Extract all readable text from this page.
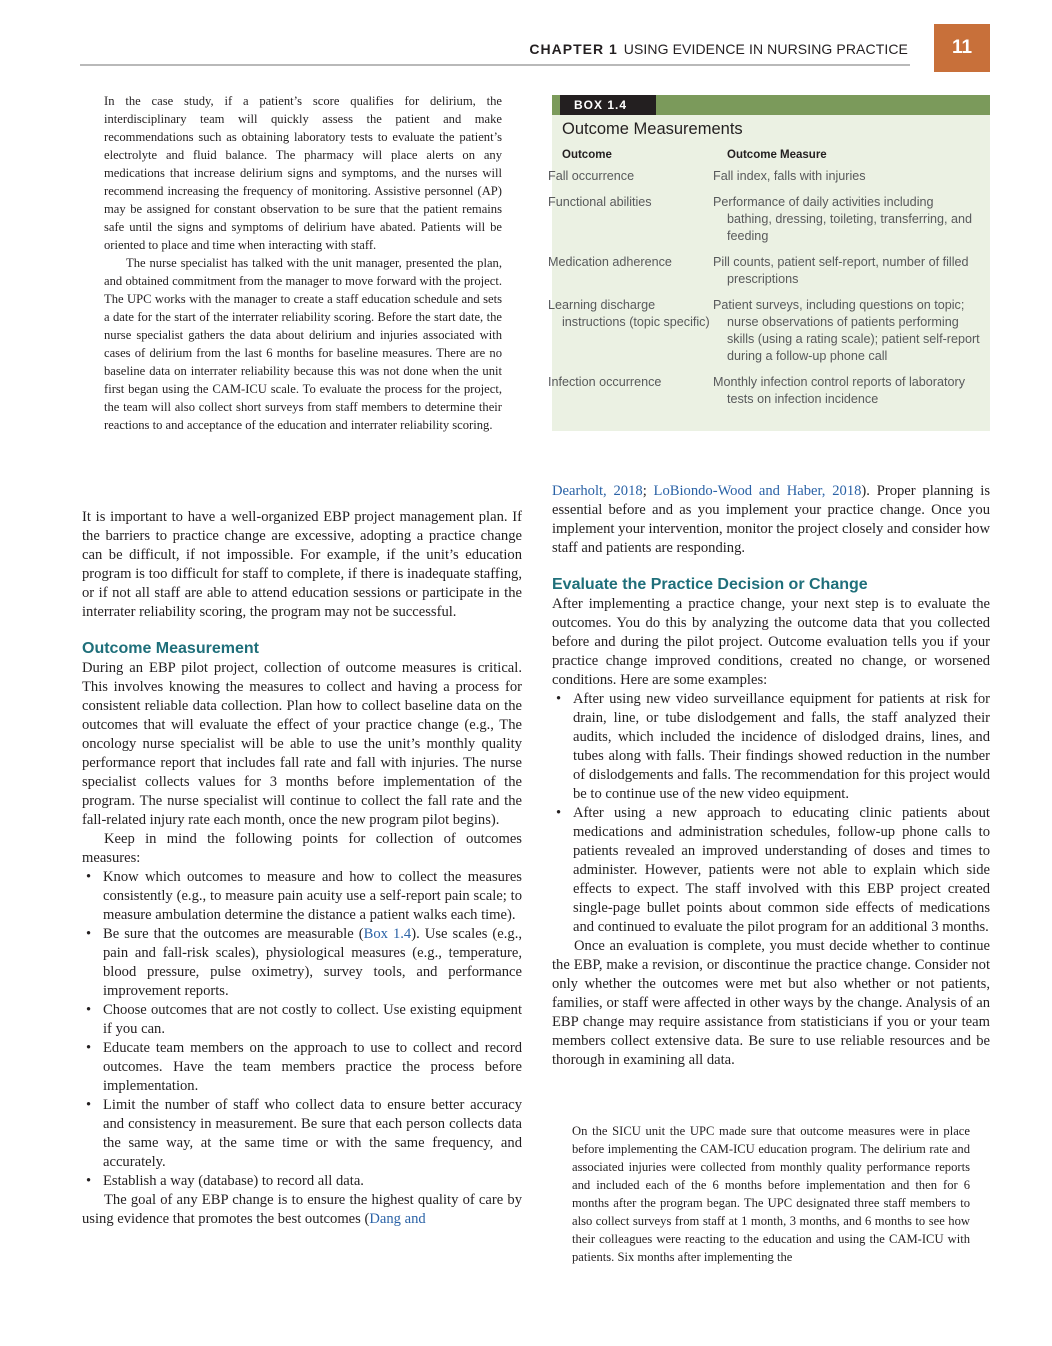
CHAPTER 1 USING EVIDENCE IN NURSING PRACTICE	11

In the case study, if a patient’s score qualifies for delirium, the interdisciplinary team will quickly assess the patient and make recommendations such as obtaining laboratory tests to evaluate the patient’s electrolyte and fluid balance. The pharmacy will place alerts on any medications that increase delirium signs and symptoms, and the nurses will recommend increasing the frequency of monitoring. Assistive personnel (AP) may be assigned for constant observation to be sure that the patient remains safe until the signs and symptoms of delirium have abated. Patients will be oriented to place and time when interacting with staff.

The nurse specialist has talked with the unit manager, presented the plan, and obtained commitment from the manager to move forward with the project. The UPC works with the manager to create a staff education schedule and sets a date for the start of the interrater reliability scoring. Before the start date, the nurse specialist gathers the data about delirium and injuries associated with cases of delirium from the last 6 months for baseline measures. There are no baseline data on interrater reliability because this was not done when the unit first began using the CAM-ICU scale. To evaluate the process for the project, the team will also collect short surveys from staff members to determine their reactions to and acceptance of the education and interrater reliability scoring.

It is important to have a well-organized EBP project management plan. If the barriers to practice change are excessive, adopting a practice change can be difficult, if not impossible. For example, if the unit’s education program is too difficult for staff to complete, if there is inadequate staffing, or if not all staff are able to attend education sessions or participate in the interrater reliability scoring, the program may not be successful.

Outcome Measurement

During an EBP pilot project, collection of outcome measures is critical. This involves knowing the measures to collect and having a process for consistent reliable data collection. Plan how to collect baseline data on the outcomes that will evaluate the effect of your practice change (e.g., The oncology nurse specialist will be able to use the unit’s monthly quality performance report that includes fall rate and fall with injuries. The nurse specialist collects values for 3 months before implementation of the program. The nurse specialist will continue to collect the fall rate and the fall-related injury rate each month, once the new program pilot begins).

Keep in mind the following points for collection of outcomes measures:

• Know which outcomes to measure and how to collect the measures consistently (e.g., to measure pain acuity use a self-report pain scale; to measure ambulation determine the distance a patient walks each time).
• Be sure that the outcomes are measurable (Box 1.4). Use scales (e.g., pain and fall-risk scales), physiological measures (e.g., temperature, blood pressure, pulse oximetry), survey tools, and performance improvement reports.
• Choose outcomes that are not costly to collect. Use existing equipment if you can.
• Educate team members on the approach to use to collect and record outcomes. Have the team members practice the process before implementation.
• Limit the number of staff who collect data to ensure better accuracy and consistency in measurement. Be sure that each person collects data the same way, at the same time or with the same frequency, and accurately.
• Establish a way (database) to record all data.

The goal of any EBP change is to ensure the highest quality of care by using evidence that promotes the best outcomes (Dang and

BOX 1.4
Outcome Measurements
Outcome	Outcome Measure
Fall occurrence	Fall index, falls with injuries
Functional abilities	Performance of daily activities including bathing, dressing, toileting, transferring, and feeding
Medication adherence	Pill counts, patient self-report, number of filled prescriptions
Learning discharge instructions (topic specific)	Patient surveys, including questions on topic; nurse observations of patients performing skills (using a rating scale); patient self-report during a follow-up phone call
Infection occurrence	Monthly infection control reports of laboratory tests on infection incidence

Dearholt, 2018; LoBiondo-Wood and Haber, 2018). Proper planning is essential before and as you implement your practice change. Once you implement your intervention, monitor the project closely and consider how staff and patients are responding.

Evaluate the Practice Decision or Change

After implementing a practice change, your next step is to evaluate the outcomes. You do this by analyzing the outcome data that you collected before and during the pilot project. Outcome evaluation tells you if your practice change improved conditions, created no change, or worsened conditions. Here are some examples:

• After using new video surveillance equipment for patients at risk for drain, line, or tube dislodgement and falls, the staff analyzed their audits, which included the incidence of dislodged drains, lines, and tubes along with falls. Their findings showed reduction in the number of dislodgements and falls. The recommendation for this project would be to continue use of the new video equipment.
• After using a new approach to educating clinic patients about medications and administration schedules, follow-up phone calls to patients revealed an improved understanding of doses and times to administer. However, patients were not able to explain which side effects to expect. The staff involved with this EBP project created single-page bullet points about common side effects of medications and continued to evaluate the pilot program for an additional 3 months.

Once an evaluation is complete, you must decide whether to continue the EBP, make a revision, or discontinue the practice change. Consider not only whether the outcomes were met but also whether or not patients, families, or staff were affected in other ways by the change. Analysis of an EBP change may require assistance from statisticians if you or your team members collect extensive data. Be sure to use reliable resources and be thorough in examining all data.

On the SICU unit the UPC made sure that outcome measures were in place before implementing the CAM-ICU education program. The delirium rate and associated injuries were collected from monthly quality performance reports and included each of the 6 months before implementation and then for 6 months after the program began. The UPC designated three staff members to also collect surveys from staff at 1 month, 3 months, and 6 months to see how their colleagues were reacting to the education and using the CAM-ICU with patients. Six months after implementing the
